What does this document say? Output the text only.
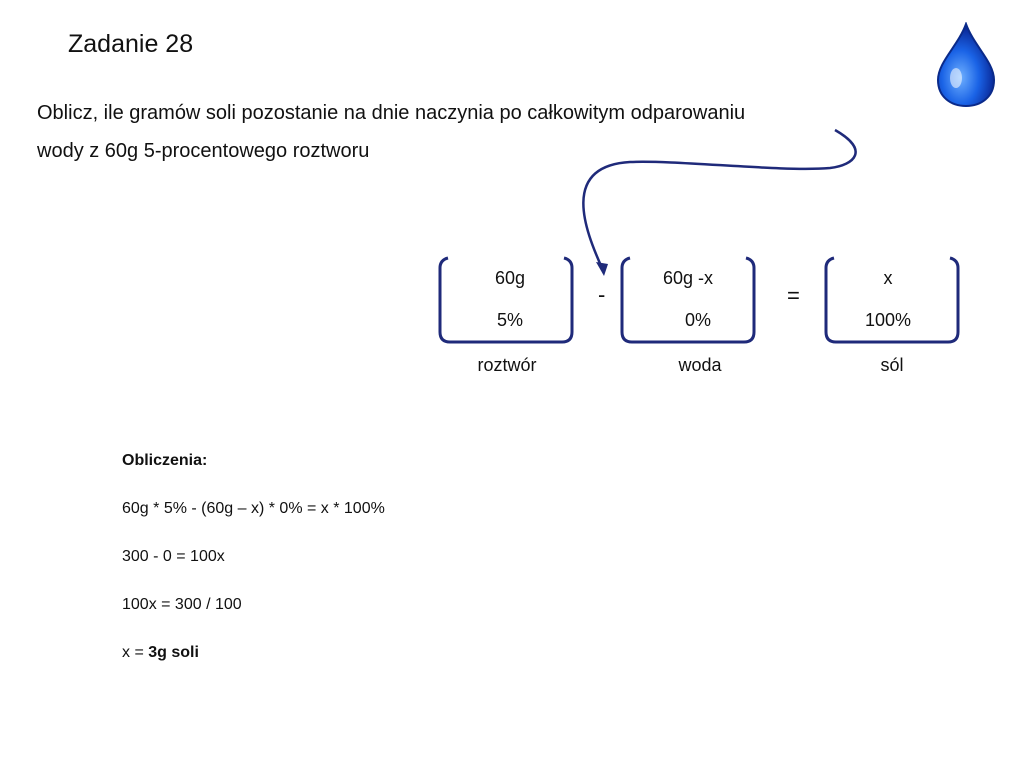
Zadanie 28
Oblicz, ile gramów soli pozostanie na dnie naczynia po całkowitym odparowaniu
wody z 60g 5-procentowego roztworu
60g
5%
roztwór
-
60g -x
0%
woda
=
x
100%
sól
Obliczenia:
60g * 5% - (60g – x) * 0% = x * 100%
300 - 0 = 100x
100x = 300 / 100
x = 3g soli
